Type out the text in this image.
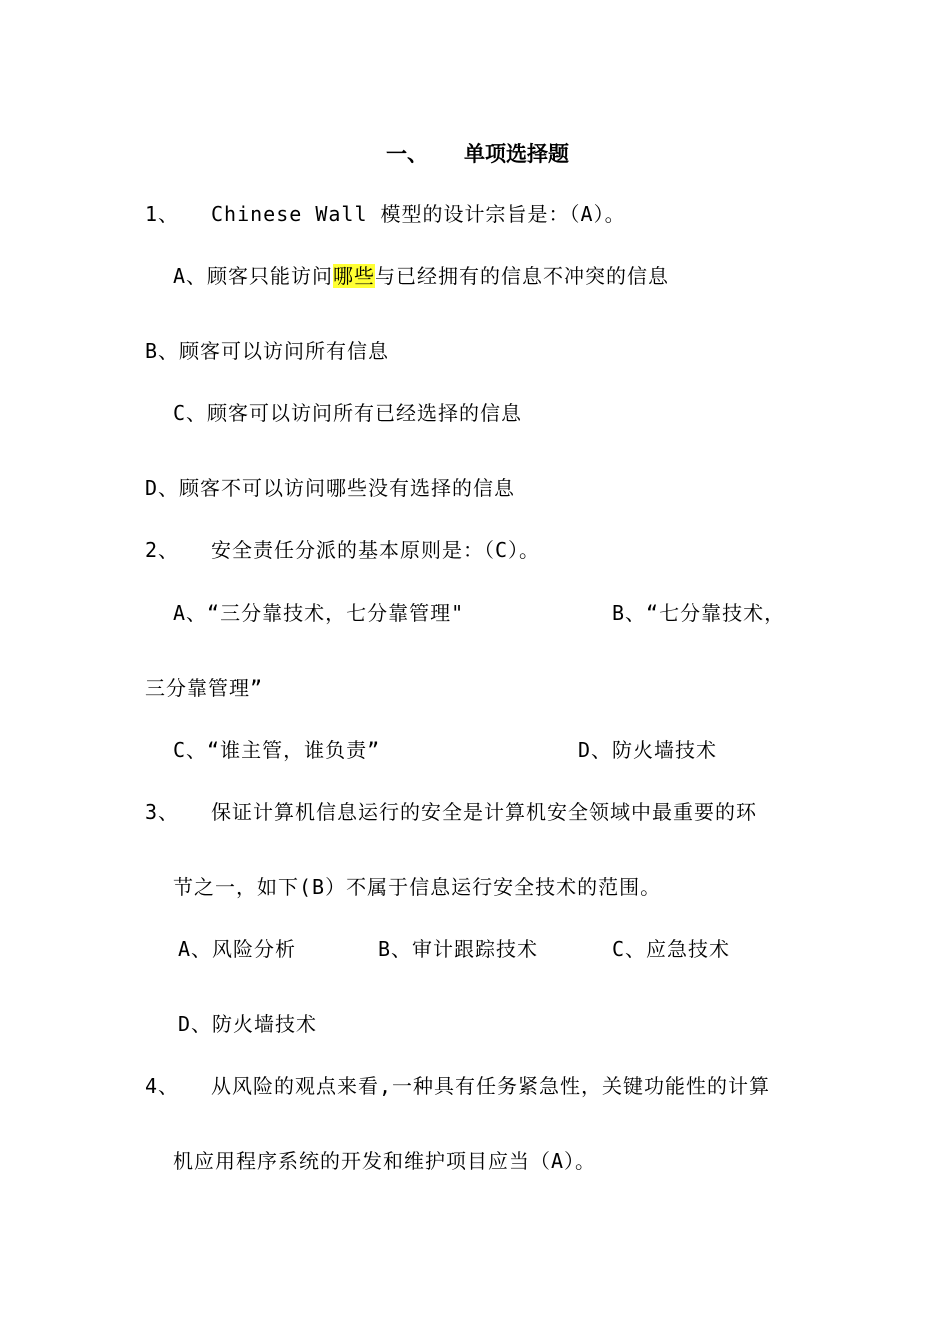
一、 单项选择题
1、 Chinese Wall 模型的设计宗旨是：（A）。
A、顾客只能访问哪些与已经拥有的信息不冲突的信息
B、顾客可以访问所有信息
C、顾客可以访问所有已经选择的信息
D、顾客不可以访问哪些没有选择的信息
2、 安全责任分派的基本原则是：（C）。
A、“三分靠技术，七分靠管理"	B、“七分靠技术，
三分靠管理”
C、“谁主管，谁负责”	D、防火墙技术
3、 保证计算机信息运行的安全是计算机安全领域中最重要的环
节之一，如下(B）不属于信息运行安全技术的范围。
A、风险分析	B、审计跟踪技术	C、应急技术
D、防火墙技术
4、 从风险的观点来看,一种具有任务紧急性，关键功能性的计算
机应用程序系统的开发和维护项目应当（A）。
